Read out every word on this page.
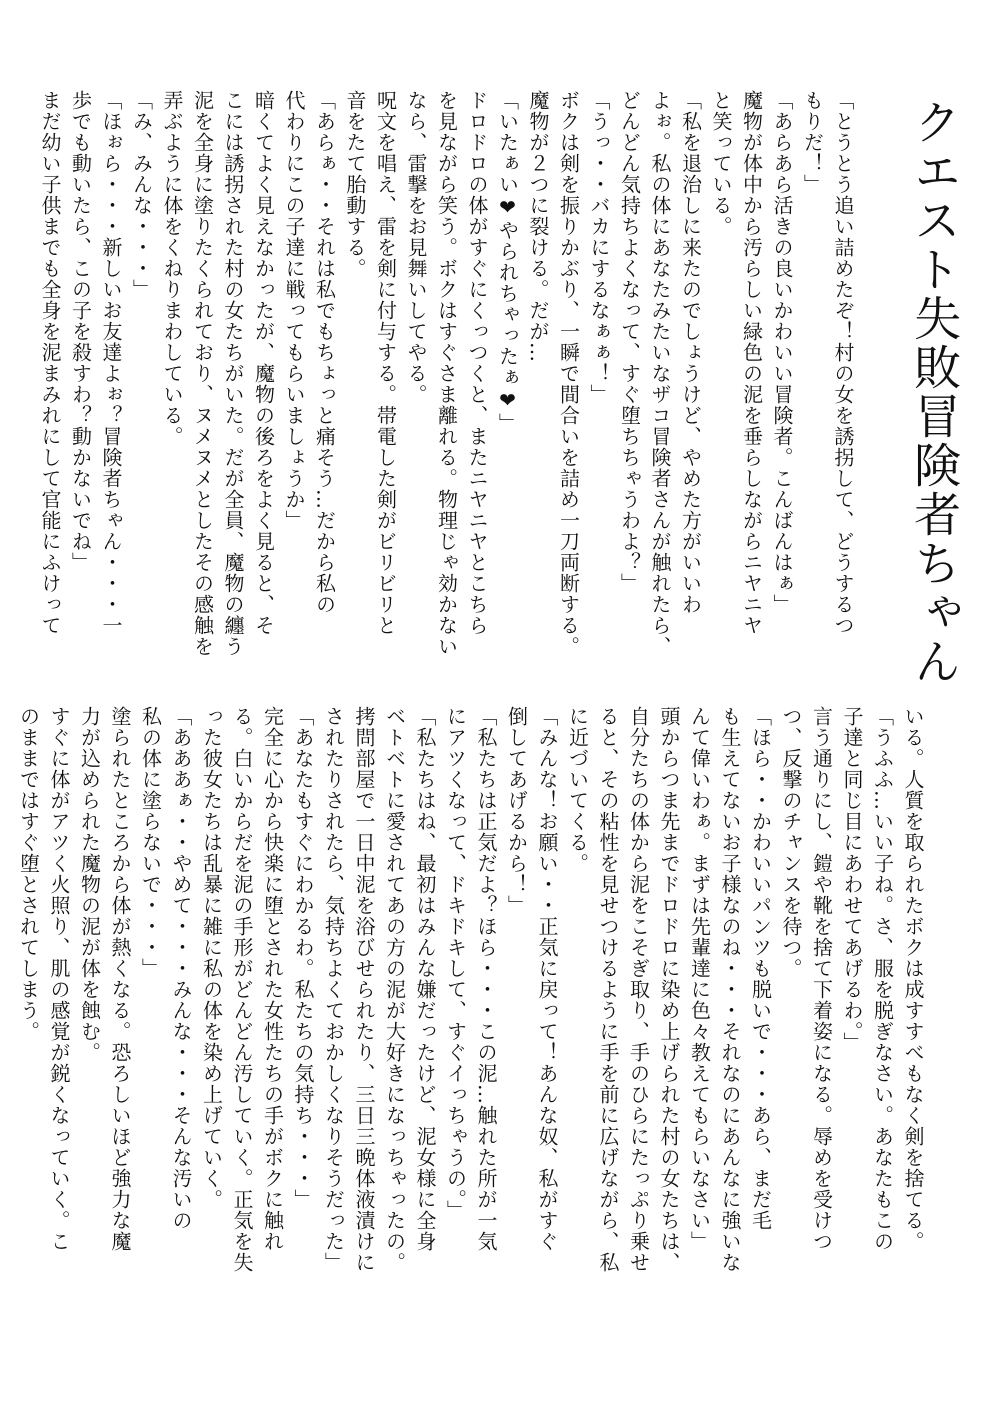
クエスト失敗冒険者ちゃん
「とうとう追い詰めたぞ！村の女を誘拐して、どうするつ
もりだ！」
「あらあら活きの良いかわいい冒険者。こんばんはぁ」
魔物が体中から汚らしい緑色の泥を垂らしながらニヤニヤ
と笑っている。
「私を退治しに来たのでしょうけど、やめた方がいいわ
よぉ。私の体にあなたみたいなザコ冒険者さんが触れたら、
どんどん気持ちよくなって、すぐ堕ちちゃうわよ？」
「うっ・・バカにするなぁぁ！」
ボクは剣を振りかぶり、一瞬で間合いを詰め一刀両断する。
魔物が２つに裂ける。だが…
「いたぁい❤やられちゃったぁ❤」
ドロドロの体がすぐにくっつくと、またニヤニヤとこちら
を見ながら笑う。ボクはすぐさま離れる。物理じゃ効かない
なら、雷撃をお見舞いしてやる。
呪文を唱え、雷を剣に付与する。帯電した剣がビリビリと
音をたて胎動する。
「あらぁ・・それは私でもちょっと痛そう…だから私の
代わりにこの子達に戦ってもらいましょうか」
暗くてよく見えなかったが、魔物の後ろをよく見ると、そ
こには誘拐された村の女たちがいた。だが全員、魔物の纏う
泥を全身に塗りたくられており、ヌメヌメとしたその感触を
弄ぶように体をくねりまわしている。
「み、みんな・・・」
「ほぉら・・・新しいお友達よぉ？冒険者ちゃん・・・一
歩でも動いたら、この子を殺すわ？動かないでね」
まだ幼い子供までも全身を泥まみれにして官能にふけって
いる。人質を取られたボクは成すすべもなく剣を捨てる。
「うふふ…いい子ね。さ、服を脱ぎなさい。あなたもこの
子達と同じ目にあわせてあげるわ。」
言う通りにし、鎧や靴を捨て下着姿になる。辱めを受けつ
つ、反撃のチャンスを待つ。
「ほら・・かわいいパンツも脱いで・・・あら、まだ毛
も生えてないお子様なのね・・・それなのにあんなに強いな
んて偉いわぁ。まずは先輩達に色々教えてもらいなさい」
頭からつま先までドロドロに染め上げられた村の女たちは、
自分たちの体から泥をこそぎ取り、手のひらにたっぷり乗せ
ると、その粘性を見せつけるように手を前に広げながら、私
に近づいてくる。
「みんな！お願い・・正気に戻って！あんな奴、私がすぐ
倒してあげるから！」
「私たちは正気だよ？ほら・・・この泥…触れた所が一気
にアツくなって、ドキドキして、すぐイっちゃうの。」
「私たちはね、最初はみんな嫌だったけど、泥女様に全身
ベトベトに愛されてあの方の泥が大好きになっちゃったの。
拷問部屋で一日中泥を浴びせられたり、三日三晩体液漬けに
されたりされたら、気持ちよくておかしくなりそうだった」
「あなたもすぐにわかるわ。私たちの気持ち・・・」
完全に心から快楽に堕とされた女性たちの手がボクに触れ
る。白いからだを泥の手形がどんどん汚していく。正気を失
った彼女たちは乱暴に雑に私の体を染め上げていく。
「あああぁ・・やめて・・・みんな・・・そんな汚いの
私の体に塗らないで・・・」
塗られたところから体が熱くなる。恐ろしいほど強力な魔
力が込められた魔物の泥が体を蝕む。
すぐに体がアツく火照り、肌の感覚が鋭くなっていく。こ
のままではすぐ堕とされてしまう。
